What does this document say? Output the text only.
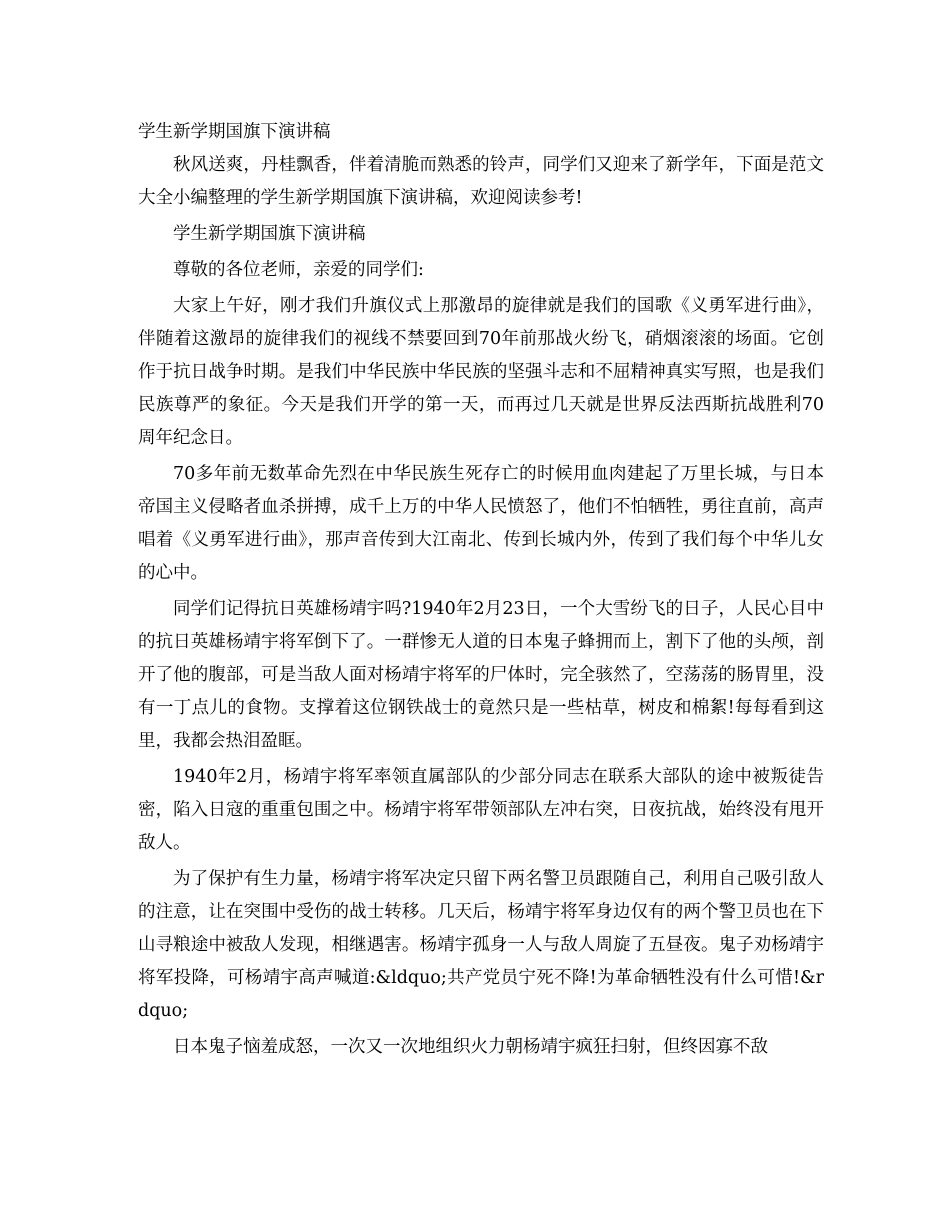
学生新学期国旗下演讲稿

秋风送爽，丹桂飘香，伴着清脆而熟悉的铃声，同学们又迎来了新学年，下面是范文大全小编整理的学生新学期国旗下演讲稿，欢迎阅读参考!

学生新学期国旗下演讲稿

尊敬的各位老师，亲爱的同学们:

大家上午好，刚才我们升旗仪式上那激昂的旋律就是我们的国歌《义勇军进行曲》，伴随着这激昂的旋律我们的视线不禁要回到70年前那战火纷飞，硝烟滚滚的场面。它创作于抗日战争时期。是我们中华民族中华民族的坚强斗志和不屈精神真实写照，也是我们民族尊严的象征。今天是我们开学的第一天，而再过几天就是世界反法西斯抗战胜利70周年纪念日。

70多年前无数革命先烈在中华民族生死存亡的时候用血肉建起了万里长城，与日本帝国主义侵略者血杀拼搏，成千上万的中华人民愤怒了，他们不怕牺牲，勇往直前，高声唱着《义勇军进行曲》，那声音传到大江南北、传到长城内外，传到了我们每个中华儿女的心中。

同学们记得抗日英雄杨靖宇吗?1940年2月23日，一个大雪纷飞的日子，人民心目中的抗日英雄杨靖宇将军倒下了。一群惨无人道的日本鬼子蜂拥而上，割下了他的头颅，剖开了他的腹部，可是当敌人面对杨靖宇将军的尸体时，完全骇然了，空荡荡的肠胃里，没有一丁点儿的食物。支撑着这位钢铁战士的竟然只是一些枯草，树皮和棉絮!每每看到这里，我都会热泪盈眶。

1940年2月，杨靖宇将军率领直属部队的少部分同志在联系大部队的途中被叛徒告密，陷入日寇的重重包围之中。杨靖宇将军带领部队左冲右突，日夜抗战，始终没有甩开敌人。

为了保护有生力量，杨靖宇将军决定只留下两名警卫员跟随自己，利用自己吸引敌人的注意，让在突围中受伤的战士转移。几天后，杨靖宇将军身边仅有的两个警卫员也在下山寻粮途中被敌人发现，相继遇害。杨靖宇孤身一人与敌人周旋了五昼夜。鬼子劝杨靖宇将军投降，可杨靖宇高声喊道:&ldquo;共产党员宁死不降!为革命牺牲没有什么可惜!&rdquo;

日本鬼子恼羞成怒，一次又一次地组织火力朝杨靖宇疯狂扫射，但终因寡不敌
